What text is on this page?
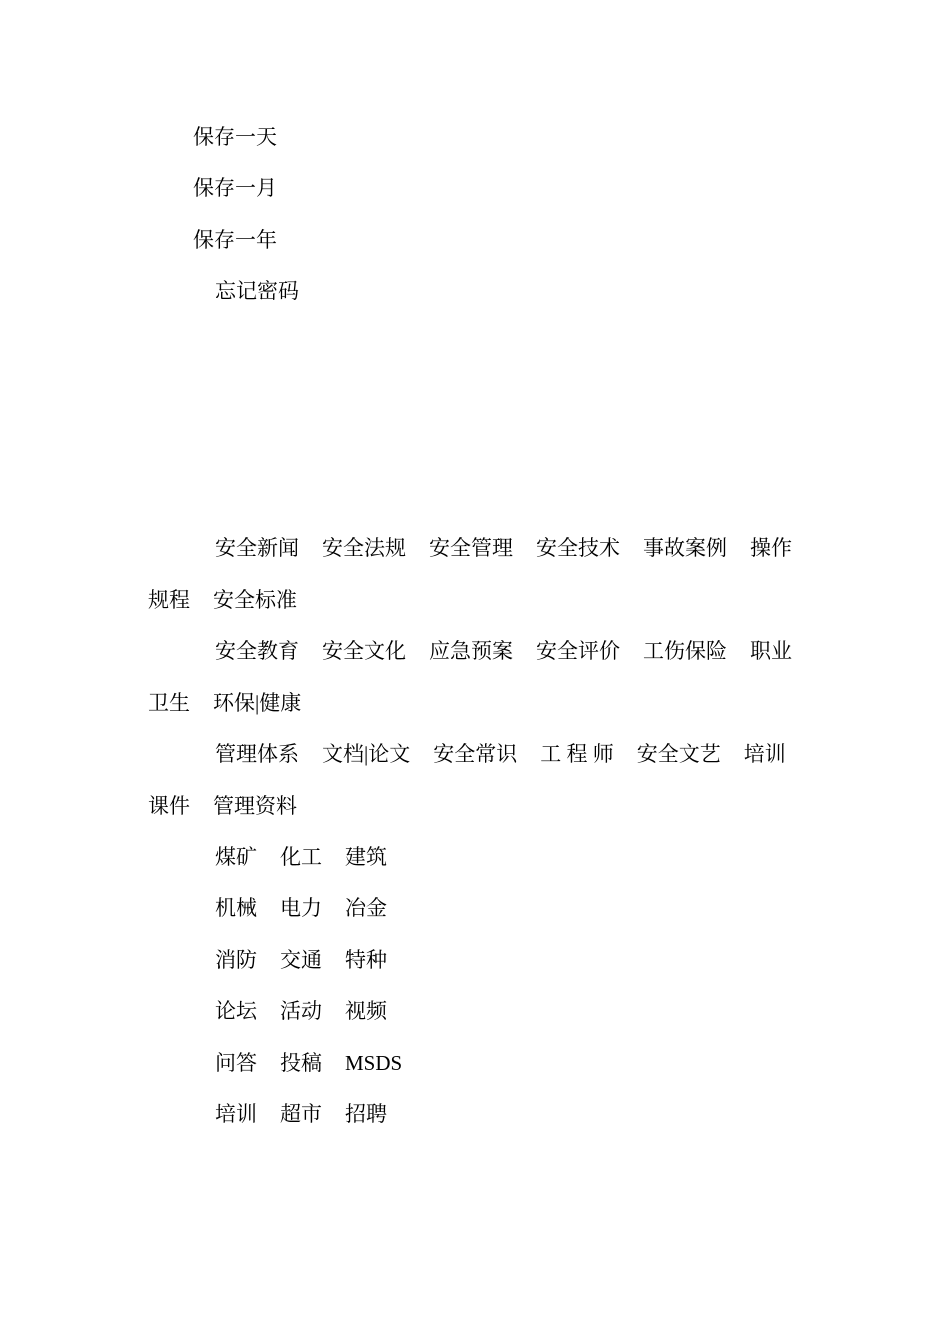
保存一天
保存一月
保存一年
忘记密码
安全新闻 安全法规 安全管理 安全技术 事故案例 操作规程 安全标准
安全教育 安全文化 应急预案 安全评价 工伤保险 职业卫生 环保|健康
管理体系 文档|论文 安全常识 工 程 师 安全文艺 培训课件 管理资料
煤矿 化工 建筑
机械 电力 冶金
消防 交通 特种
论坛 活动 视频
问答 投稿 MSDS
培训 超市 招聘
